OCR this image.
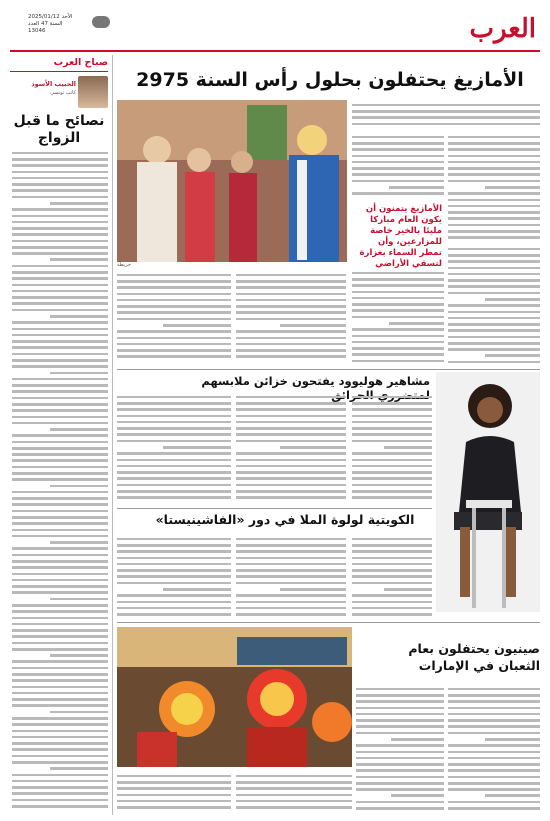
العرب
الأحد 2025/01/12
السنة 47 العدد
13046
صباح العرب
الحبيب الأسود
كاتب تونسي
نصائح ما قبل الزواج
الأمازيغ يحتفلون بحلول رأس السنة 2975
خريطة
الأمازيغ يتمنون أن يكون العام مباركا مليئا بالخير خاصة للمزارعين، وأن تمطر السماء بغزارة لتسقي الأراضي
مشاهير هوليوود يفتحون خزائن ملابسهم
الكويتية لولوة الملا في دور «الفاشينيستا»
صينيون يحتفلون بعام الثعبان في الإمارات
